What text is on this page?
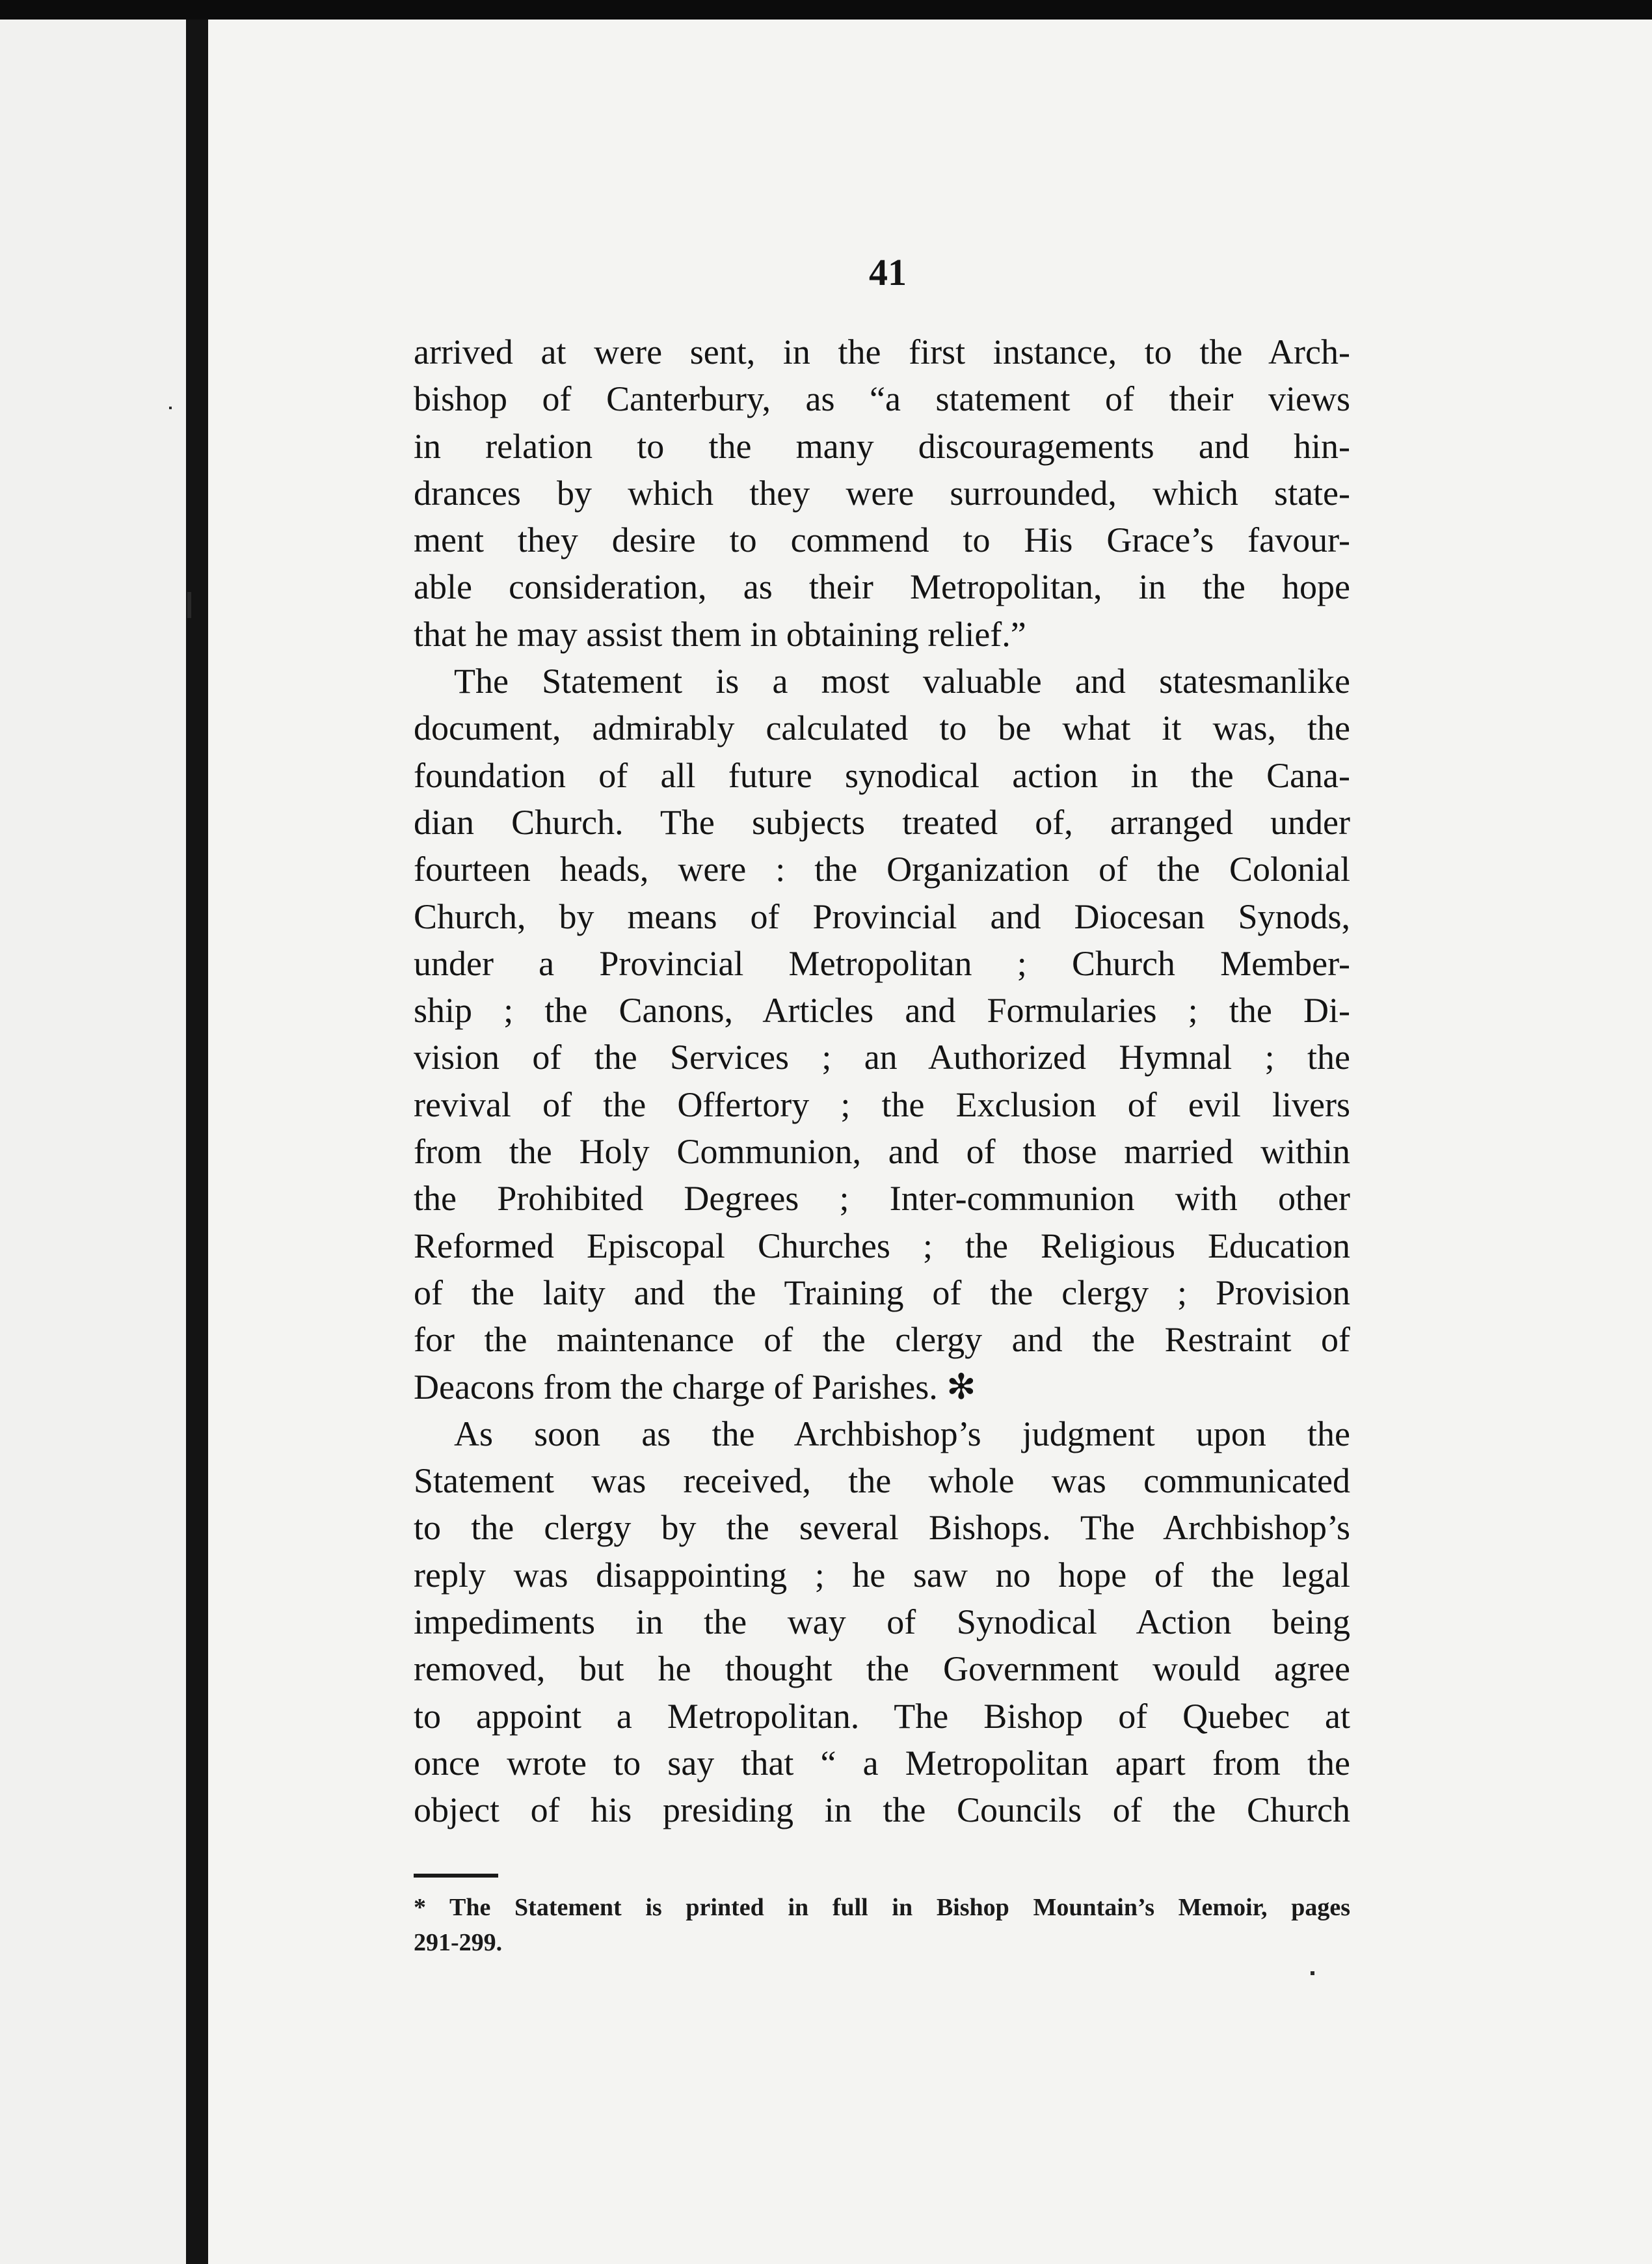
41

arrived at were sent, in the first instance, to the Arch-
bishop of Canterbury, as “a statement of their views
in relation to the many discouragements and hin-
drances by which they were surrounded, which state-
ment they desire to commend to His Grace’s favour-
able consideration, as their Metropolitan, in the hope
that he may assist them in obtaining relief.”

The Statement is a most valuable and statesmanlike
document, admirably calculated to be what it was, the
foundation of all future synodical action in the Cana-
dian Church. The subjects treated of, arranged under
fourteen heads, were : the Organization of the Colonial
Church, by means of Provincial and Diocesan Synods,
under a Provincial Metropolitan ; Church Member-
ship ; the Canons, Articles and Formularies ; the Di-
vision of the Services ; an Authorized Hymnal ; the
revival of the Offertory ; the Exclusion of evil livers
from the Holy Communion, and of those married within
the Prohibited Degrees ; Inter-communion with other
Reformed Episcopal Churches ; the Religious Education
of the laity and the Training of the clergy ; Provision
for the maintenance of the clergy and the Restraint of
Deacons from the charge of Parishes. ✻

As soon as the Archbishop’s judgment upon the
Statement was received, the whole was communicated
to the clergy by the several Bishops. The Archbishop’s
reply was disappointing ; he saw no hope of the legal
impediments in the way of Synodical Action being
removed, but he thought the Government would agree
to appoint a Metropolitan. The Bishop of Quebec at
once wrote to say that “ a Metropolitan apart from the
object of his presiding in the Councils of the Church

* The Statement is printed in full in Bishop Mountain’s Memoir, pages
291-299.
